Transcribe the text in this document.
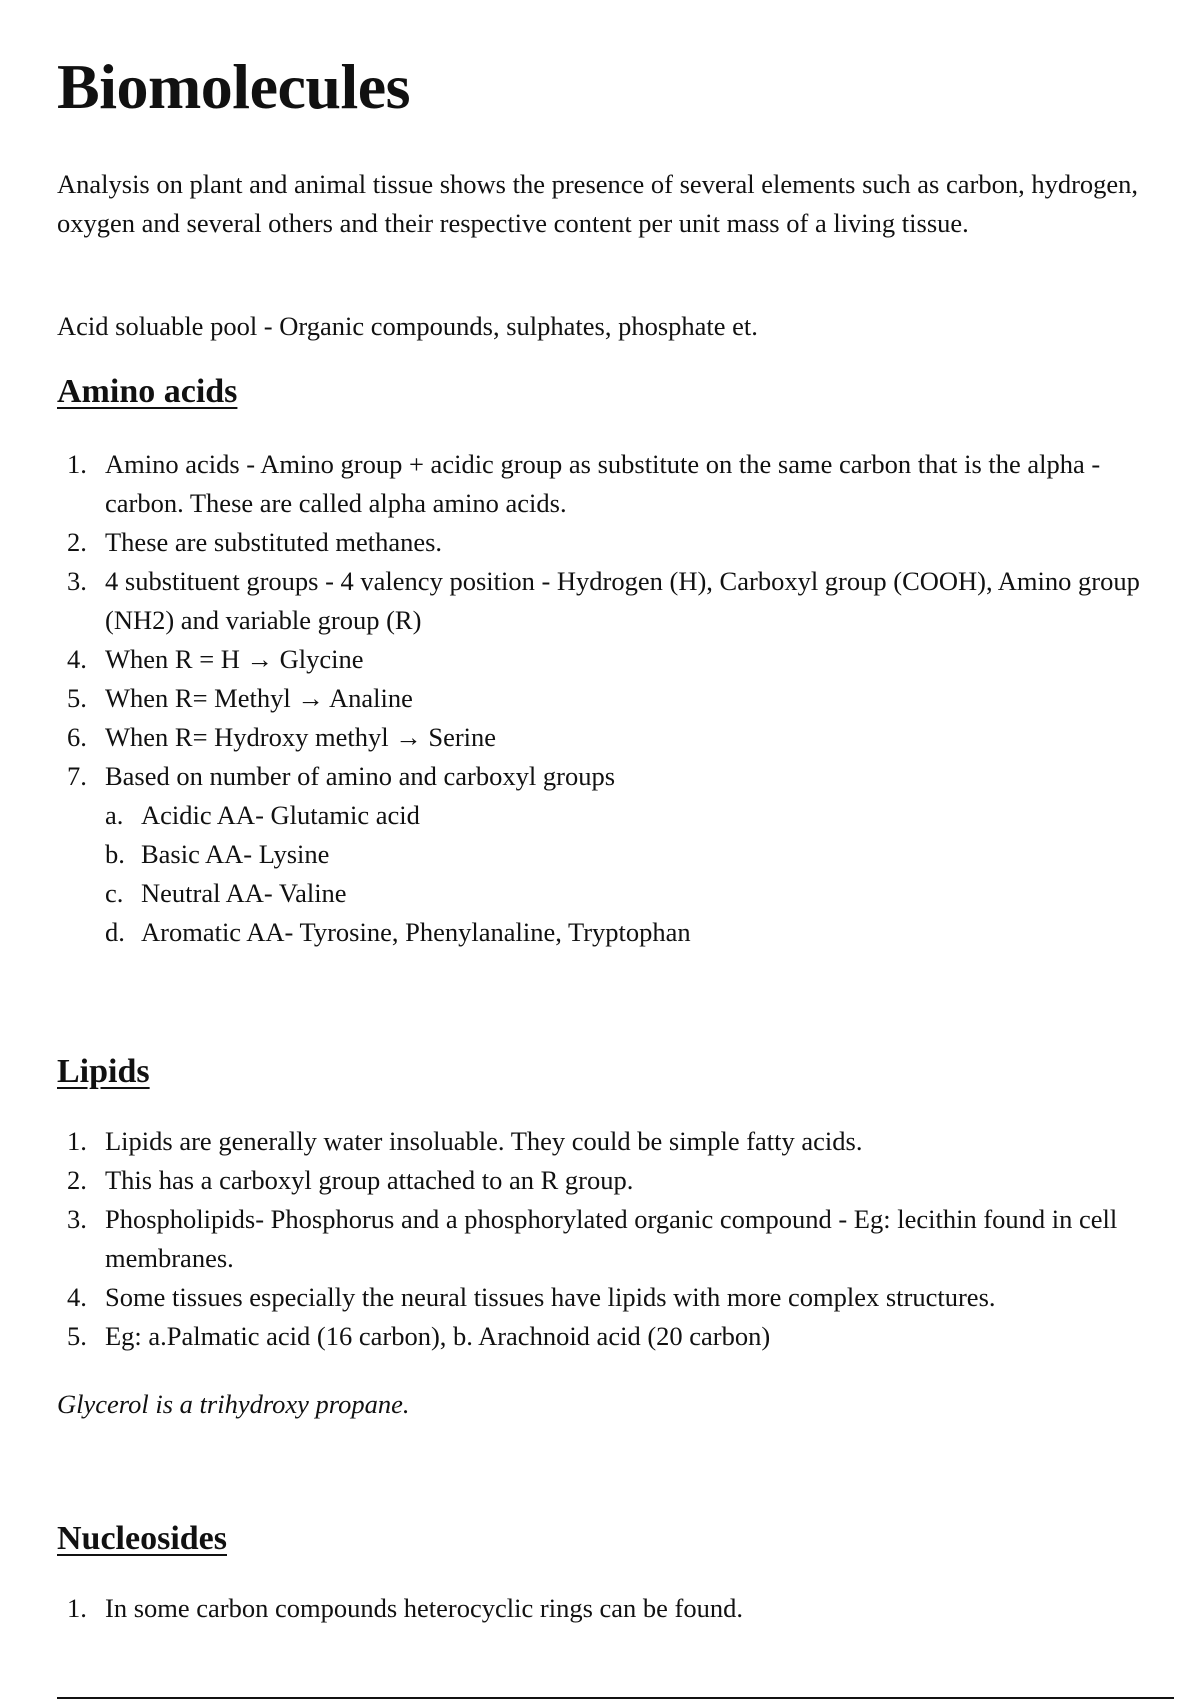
Biomolecules

Analysis on plant and animal tissue shows the presence of several elements such as carbon, hydrogen, oxygen and several others and their respective content per unit mass of a living tissue.

Acid soluable pool - Organic compounds, sulphates, phosphate et.

Amino acids
1. Amino acids - Amino group + acidic group as substitute on the same carbon that is the alpha - carbon. These are called alpha amino acids.
2. These are substituted methanes.
3. 4 substituent groups - 4 valency position - Hydrogen (H), Carboxyl group (COOH), Amino group (NH2) and variable group (R)
4. When R = H → Glycine
5. When R= Methyl → Analine
6. When R= Hydroxy methyl → Serine
7. Based on number of amino and carboxyl groups
a. Acidic AA- Glutamic acid
b. Basic AA- Lysine
c. Neutral AA- Valine
d. Aromatic AA- Tyrosine, Phenylanaline, Tryptophan
Lipids
1. Lipids are generally water insoluable. They could be simple fatty acids.
2. This has a carboxyl group attached to an R group.
3. Phospholipids- Phosphorus and a phosphorylated organic compound - Eg: lecithin found in cell membranes.
4. Some tissues especially the neural tissues have lipids with more complex structures.
5. Eg: a.Palmatic acid (16 carbon), b. Arachnoid acid (20 carbon)

Glycerol is a trihydroxy propane.

Nucleosides
1. In some carbon compounds heterocyclic rings can be found.
